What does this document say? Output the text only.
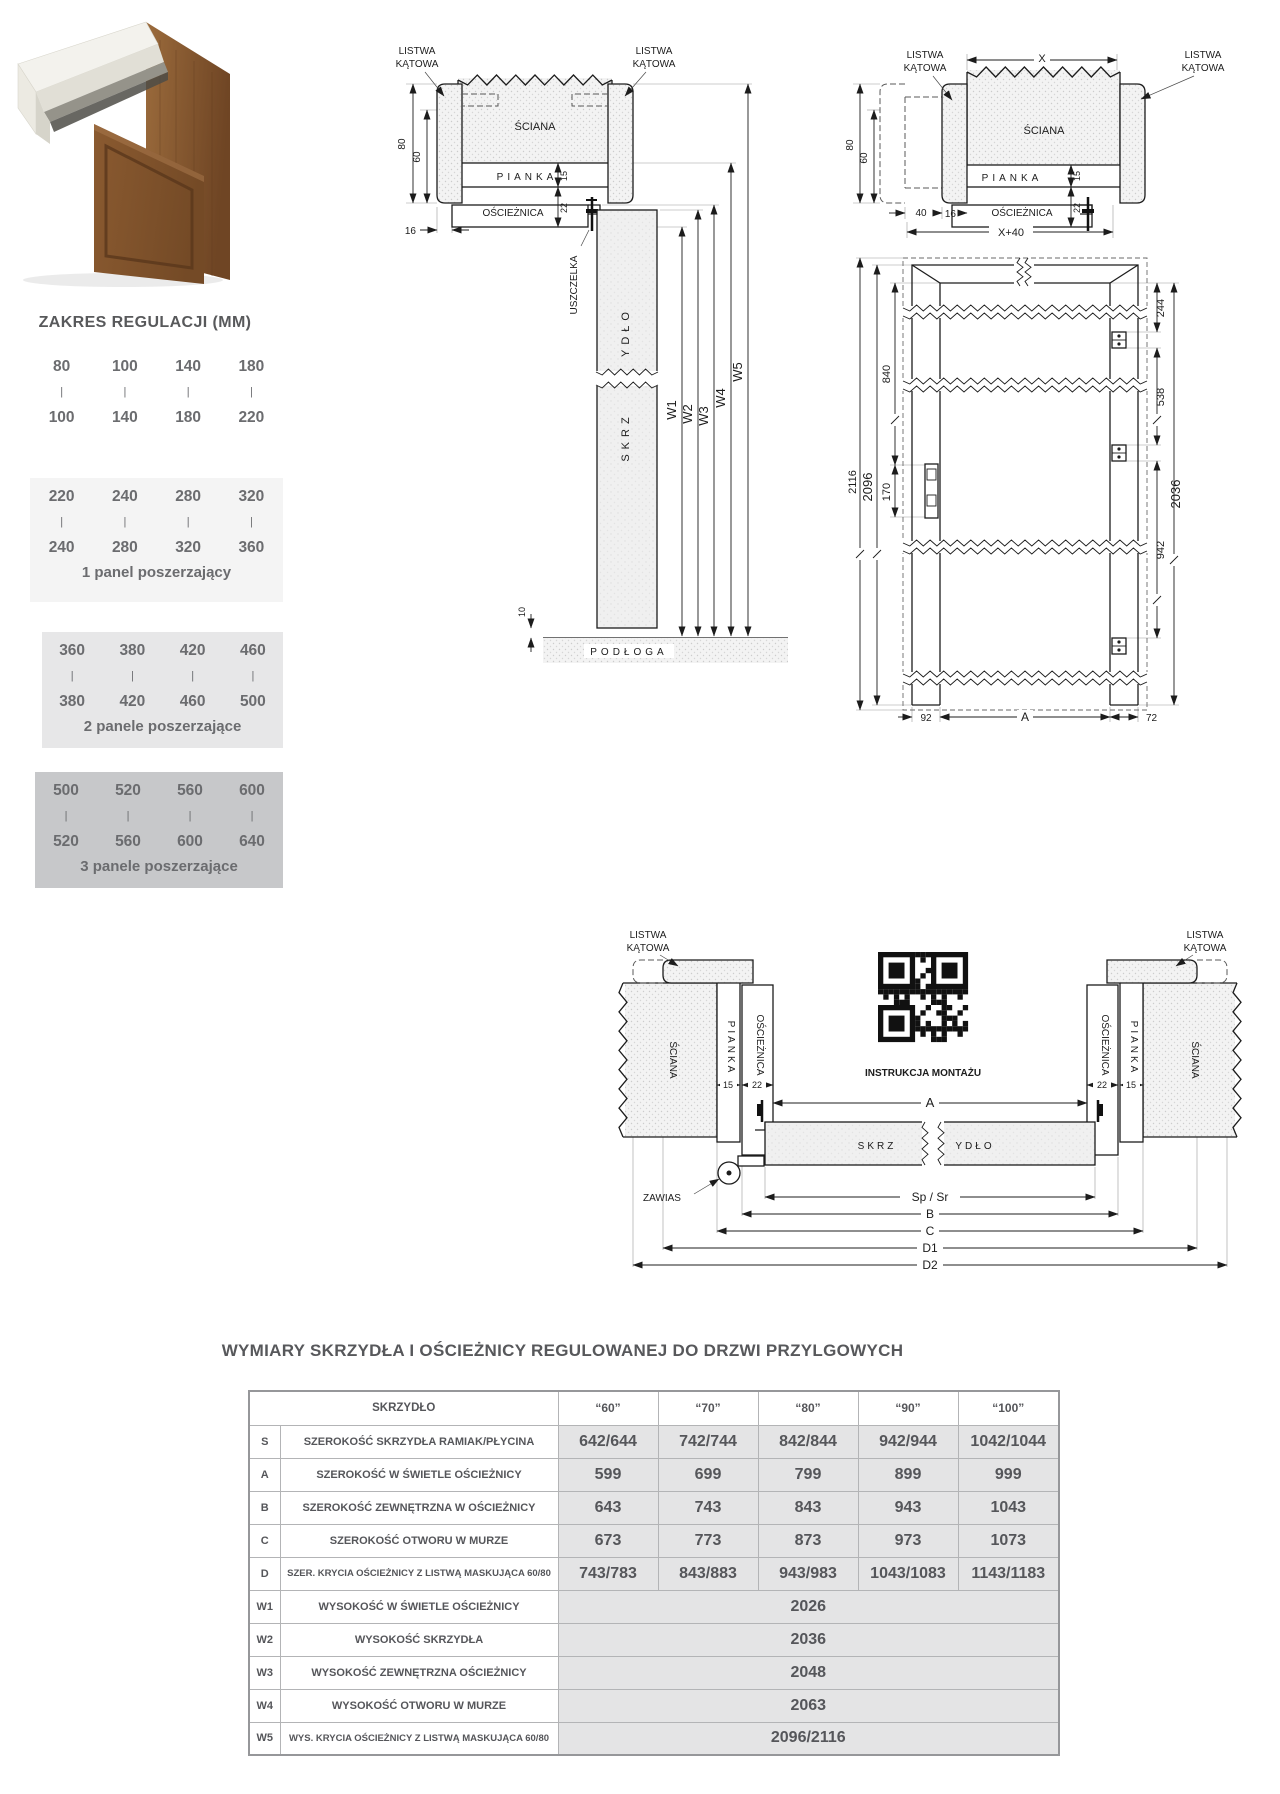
ZAKRES REGULACJI (MM)
80	100	140	180
|	|	|	|
100	140	180	220
220	240	280	320
|	|	|	|
240	280	320	360
1 panel poszerzający
360	380	420	460
|	|	|	|
380	420	460	500
2 panele poszerzające
500	520	560	600
|	|	|	|
520	560	600	640
3 panele poszerzające
ŚCIANA
PIANKA
OŚCIEŻNICA
USZCZELKA
YDŁO
SKRZ
PODŁOGA
80
60
16
15
22
10
W1 W2 W3
W4
W5
LISTWA
KĄTOWA
LISTWA
KĄTOWA	X
ŚCIANA
PIANKA
OŚCIEŻNICA
80
60
40 16
15
22
X+40
LISTWA
KĄTOWA
LISTWA
KĄTOWA
2116 2096
840
170
244
538
942
2036
92	A	72
ŚCIANA	PIANKA OŚCIEŻNICA	ŚCIANA
PIANKA
OŚCIEŻNICA
SKRZ	YDŁO
ZAWIAS
INSTRUKCJA MONTAŻU
15 22	22 15
A
Sp / Sr
B
C
D1
D2
LISTWA
KĄTOWA
LISTWA
KĄTOWA
WYMIARY SKRZYDŁA I OŚCIEŻNICY REGULOWANEJ DO DRZWI PRZYLGOWYCH
SKRZYDŁO		“60”	“70”	“80”	“90”	“100”
S	SZEROKOŚĆ SKRZYDŁA RAMIAK/PŁYCINA	642/644	742/744	842/844	942/944	1042/1044
A	SZEROKOŚĆ W ŚWIETLE OŚCIEŻNICY	599	699	799	899	999
B	SZEROKOŚĆ ZEWNĘTRZNA W OŚCIEŻNICY	643	743	843	943	1043
C	SZEROKOŚĆ OTWORU W MURZE	673	773	873	973	1073
D	SZER. KRYCIA OŚCIEŻNICY Z LISTWĄ MASKUJĄCA 60/80	743/783	843/883	943/983	1043/1083	1143/1183
W1	WYSOKOŚĆ W ŚWIETLE OŚCIEŻNICY	2026				
W2	WYSOKOŚĆ SKRZYDŁA	2036				
W3	WYSOKOŚĆ ZEWNĘTRZNA OŚCIEŻNICY	2048				
W4	WYSOKOŚĆ OTWORU W MURZE	2063				
W5	WYS. KRYCIA OŚCIEŻNICY Z LISTWĄ MASKUJĄCA 60/80	2096/2116				
